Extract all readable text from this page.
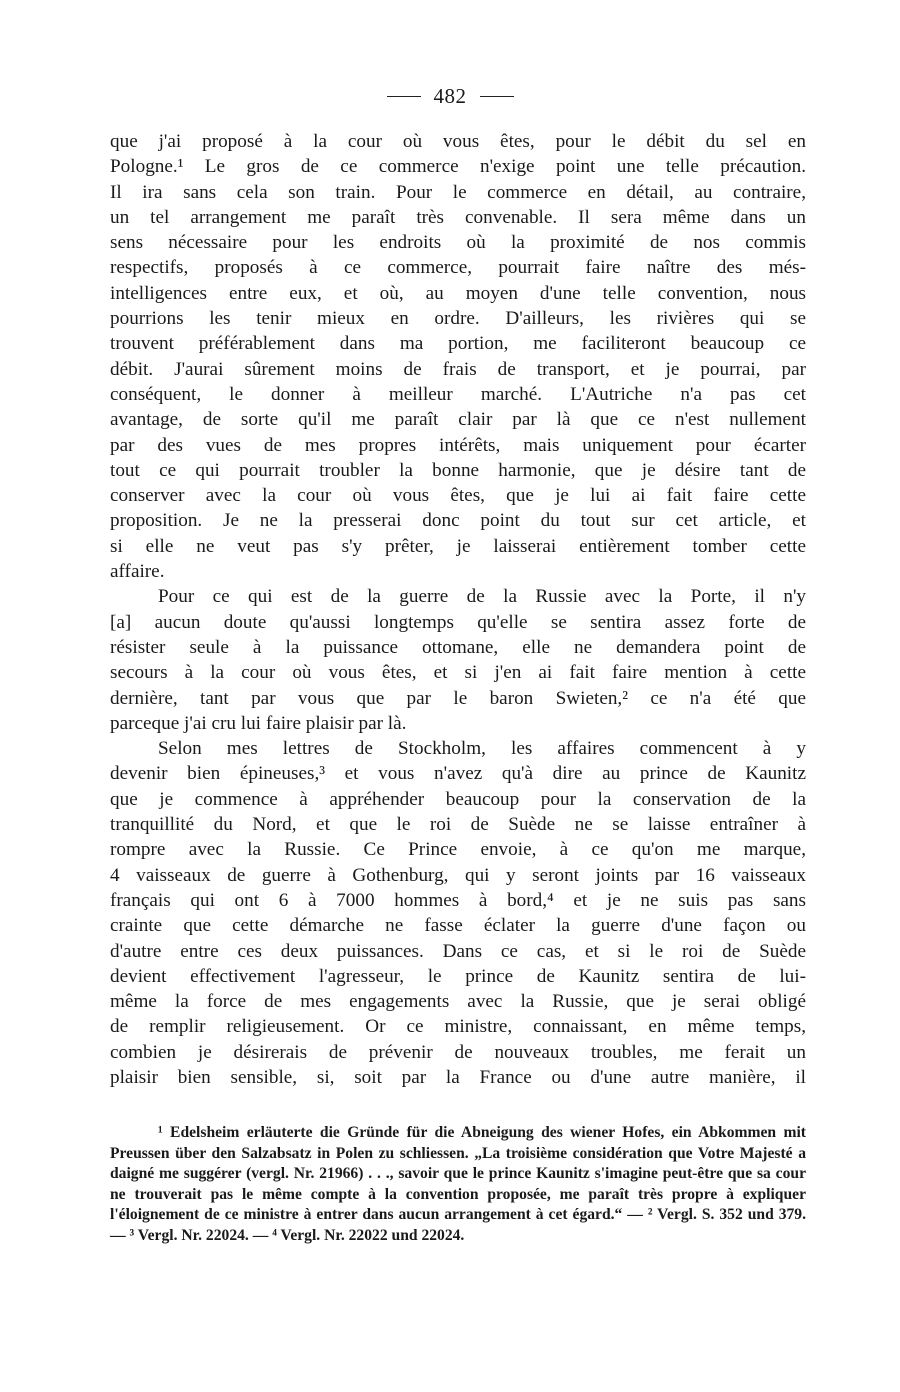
482

que j'ai proposé à la cour où vous êtes, pour le débit du sel en

Pologne.¹ Le gros de ce commerce n'exige point une telle précaution.

Il ira sans cela son train. Pour le commerce en détail, au contraire,

un tel arrangement me paraît très convenable. Il sera même dans un

sens nécessaire pour les endroits où la proximité de nos commis

respectifs, proposés à ce commerce, pourrait faire naître des més-

intelligences entre eux, et où, au moyen d'une telle convention, nous

pourrions les tenir mieux en ordre. D'ailleurs, les rivières qui se

trouvent préférablement dans ma portion, me faciliteront beaucoup ce

débit. J'aurai sûrement moins de frais de transport, et je pourrai, par

conséquent, le donner à meilleur marché. L'Autriche n'a pas cet

avantage, de sorte qu'il me paraît clair par là que ce n'est nullement

par des vues de mes propres intérêts, mais uniquement pour écarter

tout ce qui pourrait troubler la bonne harmonie, que je désire tant de

conserver avec la cour où vous êtes, que je lui ai fait faire cette

proposition. Je ne la presserai donc point du tout sur cet article, et

si elle ne veut pas s'y prêter, je laisserai entièrement tomber cette

affaire.

Pour ce qui est de la guerre de la Russie avec la Porte, il n'y

[a] aucun doute qu'aussi longtemps qu'elle se sentira assez forte de

résister seule à la puissance ottomane, elle ne demandera point de

secours à la cour où vous êtes, et si j'en ai fait faire mention à cette

dernière, tant par vous que par le baron Swieten,² ce n'a été que

parceque j'ai cru lui faire plaisir par là.

Selon mes lettres de Stockholm, les affaires commencent à y

devenir bien épineuses,³ et vous n'avez qu'à dire au prince de Kaunitz

que je commence à appréhender beaucoup pour la conservation de la

tranquillité du Nord, et que le roi de Suède ne se laisse entraîner à

rompre avec la Russie. Ce Prince envoie, à ce qu'on me marque,

4 vaisseaux de guerre à Gothenburg, qui y seront joints par 16 vaisseaux

français qui ont 6 à 7000 hommes à bord,⁴ et je ne suis pas sans

crainte que cette démarche ne fasse éclater la guerre d'une façon ou

d'autre entre ces deux puissances. Dans ce cas, et si le roi de Suède

devient effectivement l'agresseur, le prince de Kaunitz sentira de lui-

même la force de mes engagements avec la Russie, que je serai obligé

de remplir religieusement. Or ce ministre, connaissant, en même temps,

combien je désirerais de prévenir de nouveaux troubles, me ferait un

plaisir bien sensible, si, soit par la France ou d'une autre manière, il

¹ Edelsheim erläuterte die Gründe für die Abneigung des wiener Hofes, ein Abkommen mit Preussen über den Salzabsatz in Polen zu schliessen. „La troisième considération que Votre Majesté a daigné me suggérer (vergl. Nr. 21966) . . ., savoir que le prince Kaunitz s'imagine peut-être que sa cour ne trouverait pas le même compte à la convention proposée, me paraît très propre à expliquer l'éloignement de ce ministre à entrer dans aucun arrangement à cet égard.“ — ² Vergl. S. 352 und 379. — ³ Vergl. Nr. 22024. — ⁴ Vergl. Nr. 22022 und 22024.
